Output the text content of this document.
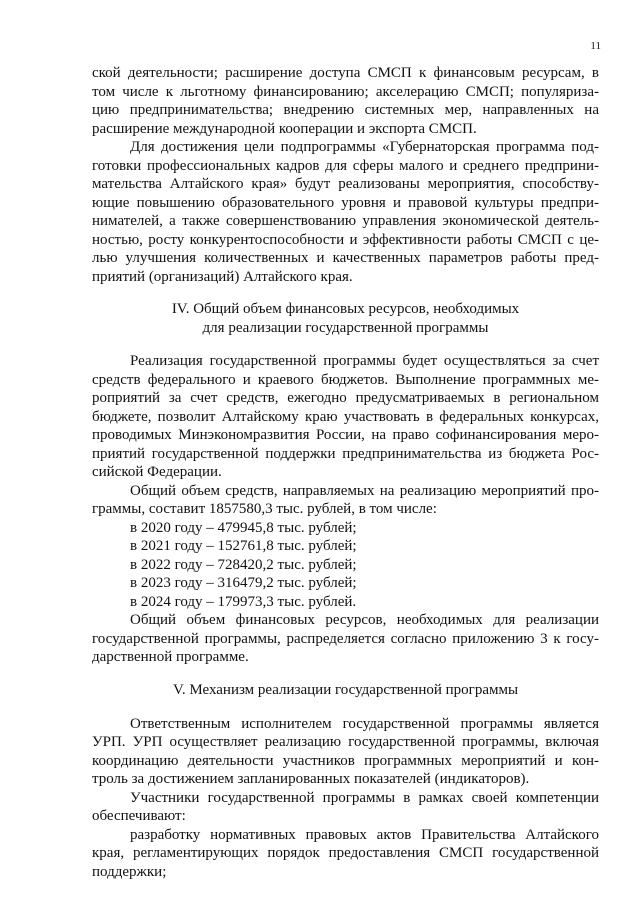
11
ской деятельности; расширение доступа СМСП к финансовым ресурсам, в
том числе к льготному финансированию; акселерацию СМСП; популяриза-
цию предпринимательства; внедрению системных мер, направленных на
расширение международной кооперации и экспорта СМСП.
Для достижения цели подпрограммы «Губернаторская программа под-
готовки профессиональных кадров для сферы малого и среднего предприни-
мательства Алтайского края» будут реализованы мероприятия, способству-
ющие повышению образовательного уровня и правовой культуры предпри-
нимателей, а также совершенствованию управления экономической деятель-
ностью, росту конкурентоспособности и эффективности работы СМСП с це-
лью улучшения количественных и качественных параметров работы пред-
приятий (организаций) Алтайского края.
IV. Общий объем финансовых ресурсов, необходимых
для реализации государственной программы
Реализация государственной программы будет осуществляться за счет
средств федерального и краевого бюджетов. Выполнение программных ме-
роприятий за счет средств, ежегодно предусматриваемых в региональном
бюджете, позволит Алтайскому краю участвовать в федеральных конкурсах,
проводимых Минэкономразвития России, на право софинансирования меро-
приятий государственной поддержки предпринимательства из бюджета Рос-
сийской Федерации.
Общий объем средств, направляемых на реализацию мероприятий про-
граммы, составит 1857580,3 тыс. рублей, в том числе:
в 2020 году – 479945,8 тыс. рублей;
в 2021 году – 152761,8 тыс. рублей;
в 2022 году – 728420,2 тыс. рублей;
в 2023 году – 316479,2 тыс. рублей;
в 2024 году – 179973,3 тыс. рублей.
Общий объем финансовых ресурсов, необходимых для реализации
государственной программы, распределяется согласно приложению 3 к госу-
дарственной программе.
V. Механизм реализации государственной программы
Ответственным исполнителем государственной программы является
УРП. УРП осуществляет реализацию государственной программы, включая
координацию деятельности участников программных мероприятий и кон-
троль за достижением запланированных показателей (индикаторов).
Участники государственной программы в рамках своей компетенции
обеспечивают:
разработку нормативных правовых актов Правительства Алтайского
края, регламентирующих порядок предоставления СМСП государственной
поддержки;
